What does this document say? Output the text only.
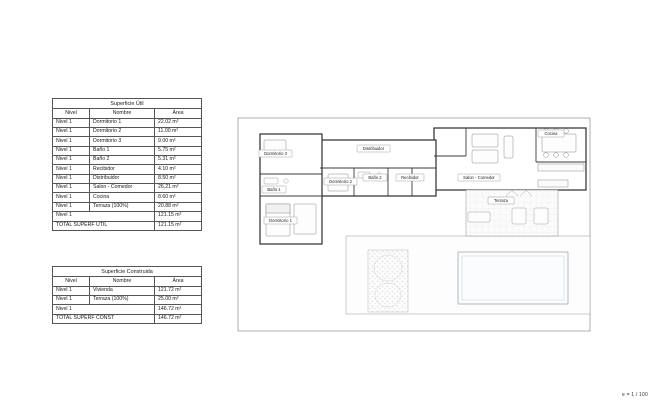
Superficie Útil		
Nivel	Nombre	Área
Nivel 1	Dormitorio 1	22.02 m²
Nivel 1	Dormitorio 2	11.00 m²
Nivel 1	Dormitorio 3	9.00 m²
Nivel 1	Baño 1	5.75 m²
Nivel 1	Baño 2	5.31 m²
Nivel 1	Recibidor	4.10 m²
Nivel 1	Distribuidor	8.50 m²
Nivel 1	Salon - Comedor	26.21 m²
Nivel 1	Cocina	8.60 m²
Nivel 1	Terraza (100%)	20.88 m²
Nivel 1		121.15 m²
TOTAL SUPERF UTIL		121.15 m²
Superficie Construida		
Nivel	Nombre	Área
Nivel 1	Vivienda	121.72 m²
Nivel 1	Terraza (100%)	25.00 m²
Nivel 1		146.72 m²
TOTAL SUPERF CONST		146.72 m²
Dormitorio 3
Dormitorio 2
Dormitorio 1
Baño 1
Baño 2
Distribuidor
Recibidor	Salon - Comedor
Cocina
Terraza
e = 1 / 100
